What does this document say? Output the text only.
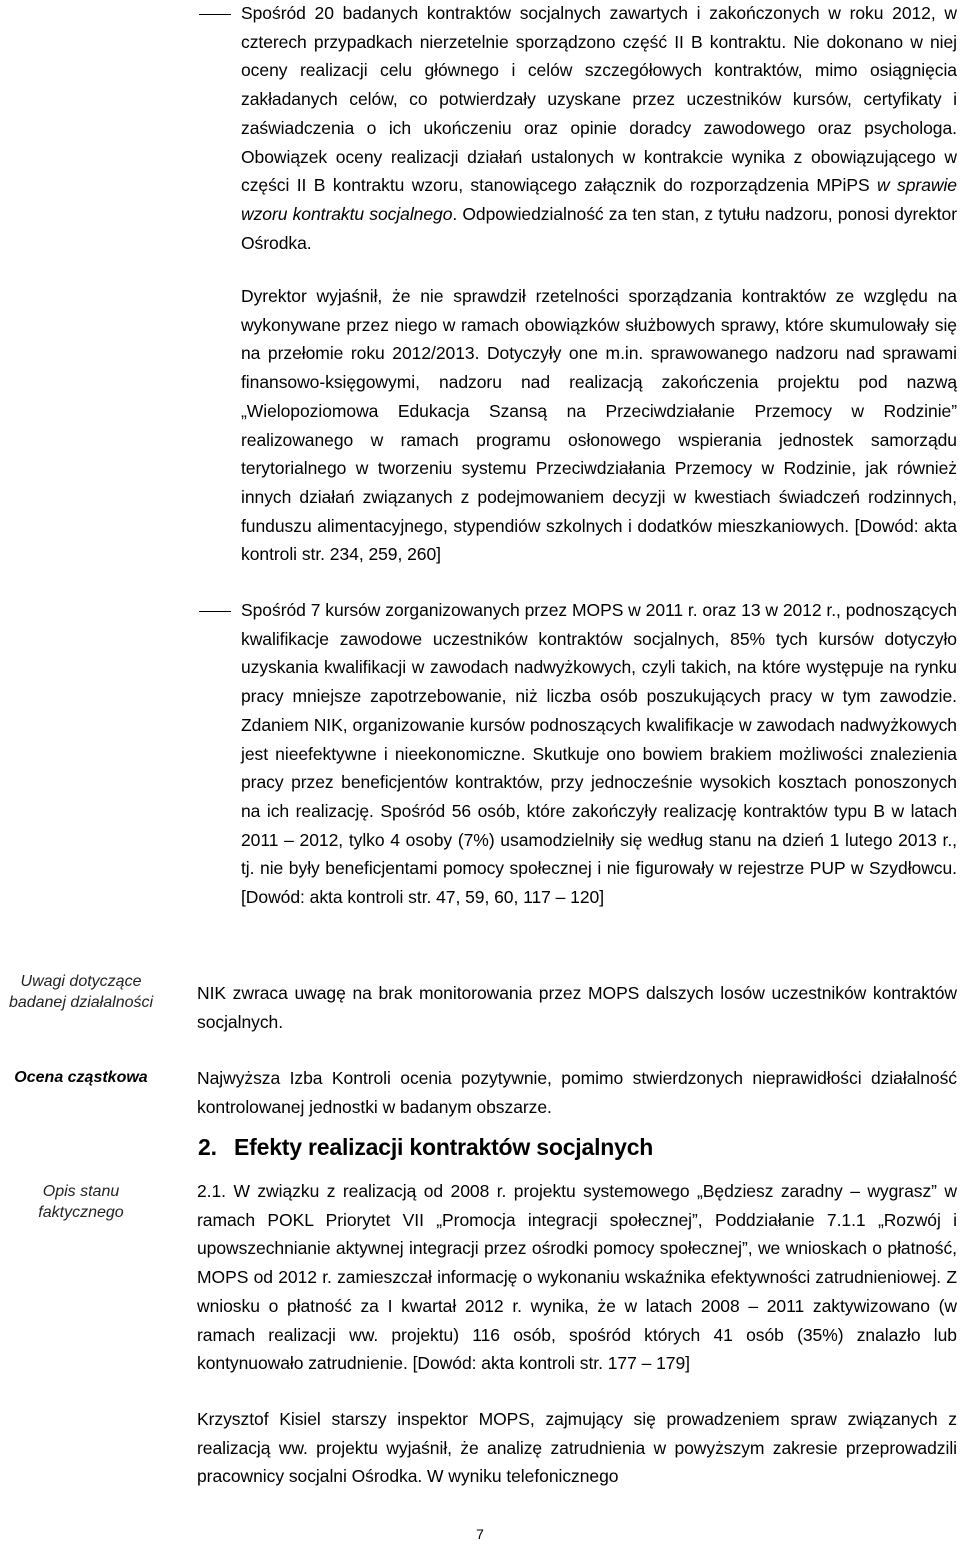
Spośród 20 badanych kontraktów socjalnych zawartych i zakończonych w roku 2012, w czterech przypadkach nierzetelnie sporządzono część II B kontraktu. Nie dokonano w niej oceny realizacji celu głównego i celów szczegółowych kontraktów, mimo osiągnięcia zakładanych celów, co potwierdzały uzyskane przez uczestników kursów, certyfikaty i zaświadczenia o ich ukończeniu oraz opinie doradcy zawodowego oraz psychologa. Obowiązek oceny realizacji działań ustalonych w kontrakcie wynika z obowiązującego w części II B kontraktu wzoru, stanowiącego załącznik do rozporządzenia MPiPS w sprawie wzoru kontraktu socjalnego. Odpowiedzialność za ten stan, z tytułu nadzoru, ponosi dyrektor Ośrodka.
Dyrektor wyjaśnił, że nie sprawdził rzetelności sporządzania kontraktów ze względu na wykonywane przez niego w ramach obowiązków służbowych sprawy, które skumulowały się na przełomie roku 2012/2013. Dotyczyły one m.in. sprawowanego nadzoru nad sprawami finansowo-księgowymi, nadzoru nad realizacją zakończenia projektu pod nazwą „Wielopoziomowa Edukacja Szansą na Przeciwdziałanie Przemocy w Rodzinie” realizowanego w ramach programu osłonowego wspierania jednostek samorządu terytorialnego w tworzeniu systemu Przeciwdziałania Przemocy w Rodzinie, jak również innych działań związanych z podejmowaniem decyzji w kwestiach świadczeń rodzinnych, funduszu alimentacyjnego, stypendiów szkolnych i dodatków mieszkaniowych. [Dowód: akta kontroli str. 234, 259, 260]
Spośród 7 kursów zorganizowanych przez MOPS w 2011 r. oraz 13 w 2012 r., podnoszących kwalifikacje zawodowe uczestników kontraktów socjalnych, 85% tych kursów dotyczyło uzyskania kwalifikacji w zawodach nadwyżkowych, czyli takich, na które występuje na rynku pracy mniejsze zapotrzebowanie, niż liczba osób poszukujących pracy w tym zawodzie. Zdaniem NIK, organizowanie kursów podnoszących kwalifikacje w zawodach nadwyżkowych jest nieefektywne i nieekonomiczne. Skutkuje ono bowiem brakiem możliwości znalezienia pracy przez beneficjentów kontraktów, przy jednocześnie wysokich kosztach ponoszonych na ich realizację. Spośród 56 osób, które zakończyły realizację kontraktów typu B w latach 2011 – 2012, tylko 4 osoby (7%) usamodzielniły się według stanu na dzień 1 lutego 2013 r., tj. nie były beneficjentami pomocy społecznej i nie figurowały w rejestrze PUP w Szydłowcu. [Dowód: akta kontroli str. 47, 59, 60, 117 – 120]
Uwagi dotyczące badanej działalności	NIK zwraca uwagę na brak monitorowania przez MOPS dalszych losów uczestników kontraktów socjalnych.
Ocena cząstkowa	Najwyższa Izba Kontroli ocenia pozytywnie, pomimo stwierdzonych nieprawidłości działalność kontrolowanej jednostki w badanym obszarze.
2. Efekty realizacji kontraktów socjalnych
Opis stanu faktycznego
2.1. W związku z realizacją od 2008 r. projektu systemowego „Będziesz zaradny – wygrasz” w ramach POKL Priorytet VII „Promocja integracji społecznej”, Poddziałanie 7.1.1 „Rozwój i upowszechnianie aktywnej integracji przez ośrodki pomocy społecznej”, we wnioskach o płatność, MOPS od 2012 r. zamieszczał informację o wykonaniu wskaźnika efektywności zatrudnieniowej. Z wniosku o płatność za I kwartał 2012 r. wynika, że w latach 2008 – 2011 zaktywizowano (w ramach realizacji ww. projektu) 116 osób, spośród których 41 osób (35%) znalazło lub kontynuowało zatrudnienie. [Dowód: akta kontroli str. 177 – 179]
Krzysztof Kisiel starszy inspektor MOPS, zajmujący się prowadzeniem spraw związanych z realizacją ww. projektu wyjaśnił, że analizę zatrudnienia w powyższym zakresie przeprowadzili pracownicy socjalni Ośrodka. W wyniku telefonicznego
7
